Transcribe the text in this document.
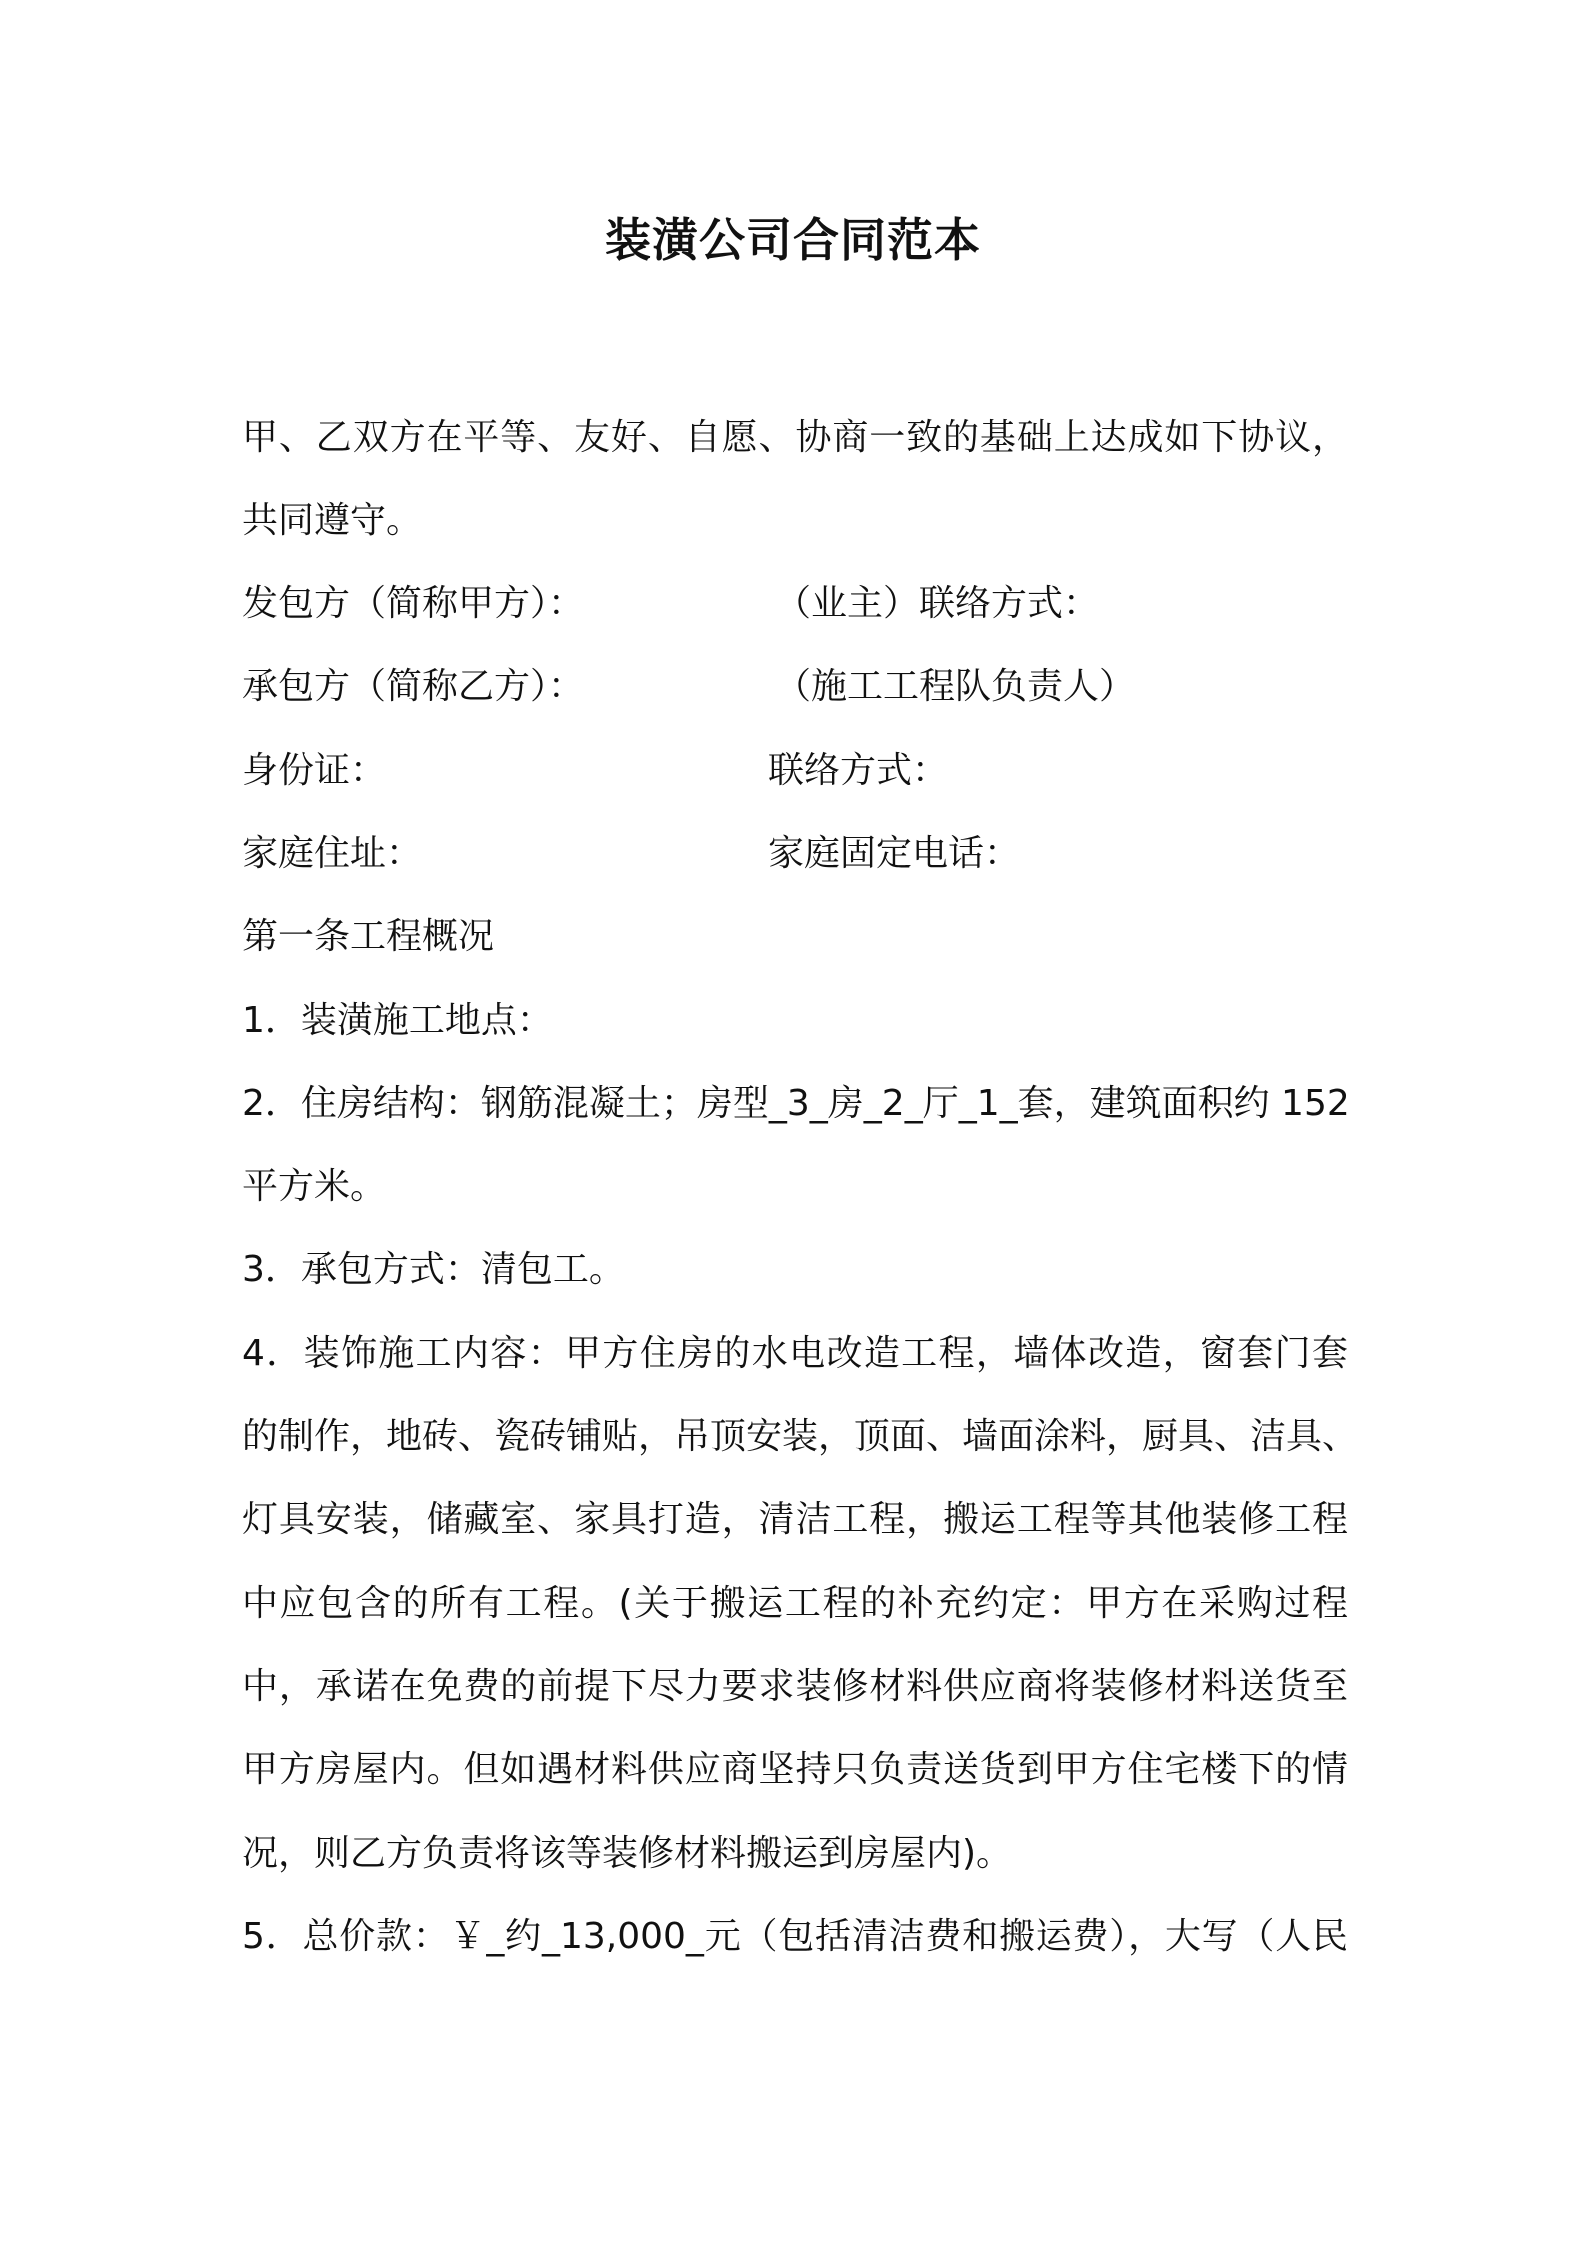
装潢公司合同范本
甲、乙双方在平等、友好、自愿、协商一致的基础上达成如下协议，
共同遵守。
发包方（简称甲方）：	（业主）联络方式：
承包方（简称乙方）：	（施工工程队负责人）
身份证：	联络方式：
家庭住址：	家庭固定电话：
第一条工程概况
1．装潢施工地点：
2．住房结构：钢筋混凝土；房型_3_房_2_厅_1_套，建筑面积约 152
平方米。
3．承包方式：清包工。
4．装饰施工内容：甲方住房的水电改造工程，墙体改造，窗套门套
的制作，地砖、瓷砖铺贴，吊顶安装，顶面、墙面涂料，厨具、洁具、
灯具安装，储藏室、家具打造，清洁工程，搬运工程等其他装修工程
中应包含的所有工程。(关于搬运工程的补充约定：甲方在采购过程
中，承诺在免费的前提下尽力要求装修材料供应商将装修材料送货至
甲方房屋内。但如遇材料供应商坚持只负责送货到甲方住宅楼下的情
况，则乙方负责将该等装修材料搬运到房屋内)。
5．总价款：￥_约_13,000_元（包括清洁费和搬运费），大写（人民
